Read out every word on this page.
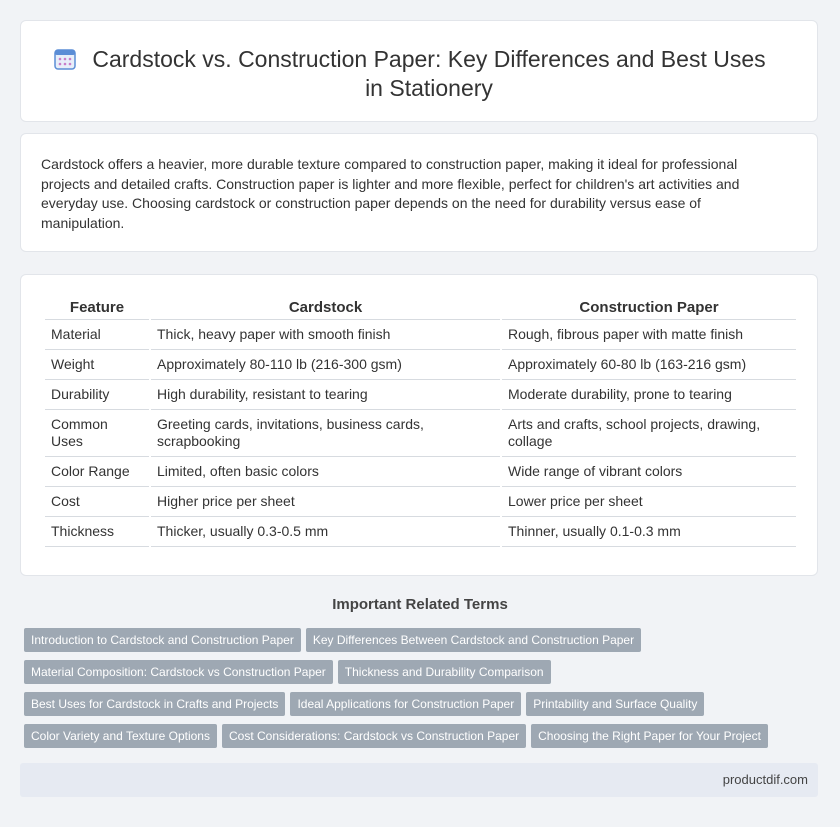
Cardstock vs. Construction Paper: Key Differences and Best Uses in Stationery

Cardstock offers a heavier, more durable texture compared to construction paper, making it ideal for professional projects and detailed crafts. Construction paper is lighter and more flexible, perfect for children's art activities and everyday use. Choosing cardstock or construction paper depends on the need for durability versus ease of manipulation.

Feature	Cardstock	Construction Paper
Material	Thick, heavy paper with smooth finish	Rough, fibrous paper with matte finish
Weight	Approximately 80-110 lb (216-300 gsm)	Approximately 60-80 lb (163-216 gsm)
Durability	High durability, resistant to tearing	Moderate durability, prone to tearing
Common Uses	Greeting cards, invitations, business cards, scrapbooking	Arts and crafts, school projects, drawing, collage
Color Range	Limited, often basic colors	Wide range of vibrant colors
Cost	Higher price per sheet	Lower price per sheet
Thickness	Thicker, usually 0.3-0.5 mm	Thinner, usually 0.1-0.3 mm
Important Related Terms
Introduction to Cardstock and Construction Paper Key Differences Between Cardstock and Construction Paper
Material Composition: Cardstock vs Construction Paper Thickness and Durability Comparison
Best Uses for Cardstock in Crafts and Projects Ideal Applications for Construction Paper Printability and Surface Quality
Color Variety and Texture Options Cost Considerations: Cardstock vs Construction Paper Choosing the Right Paper for Your Project
productdif.com
